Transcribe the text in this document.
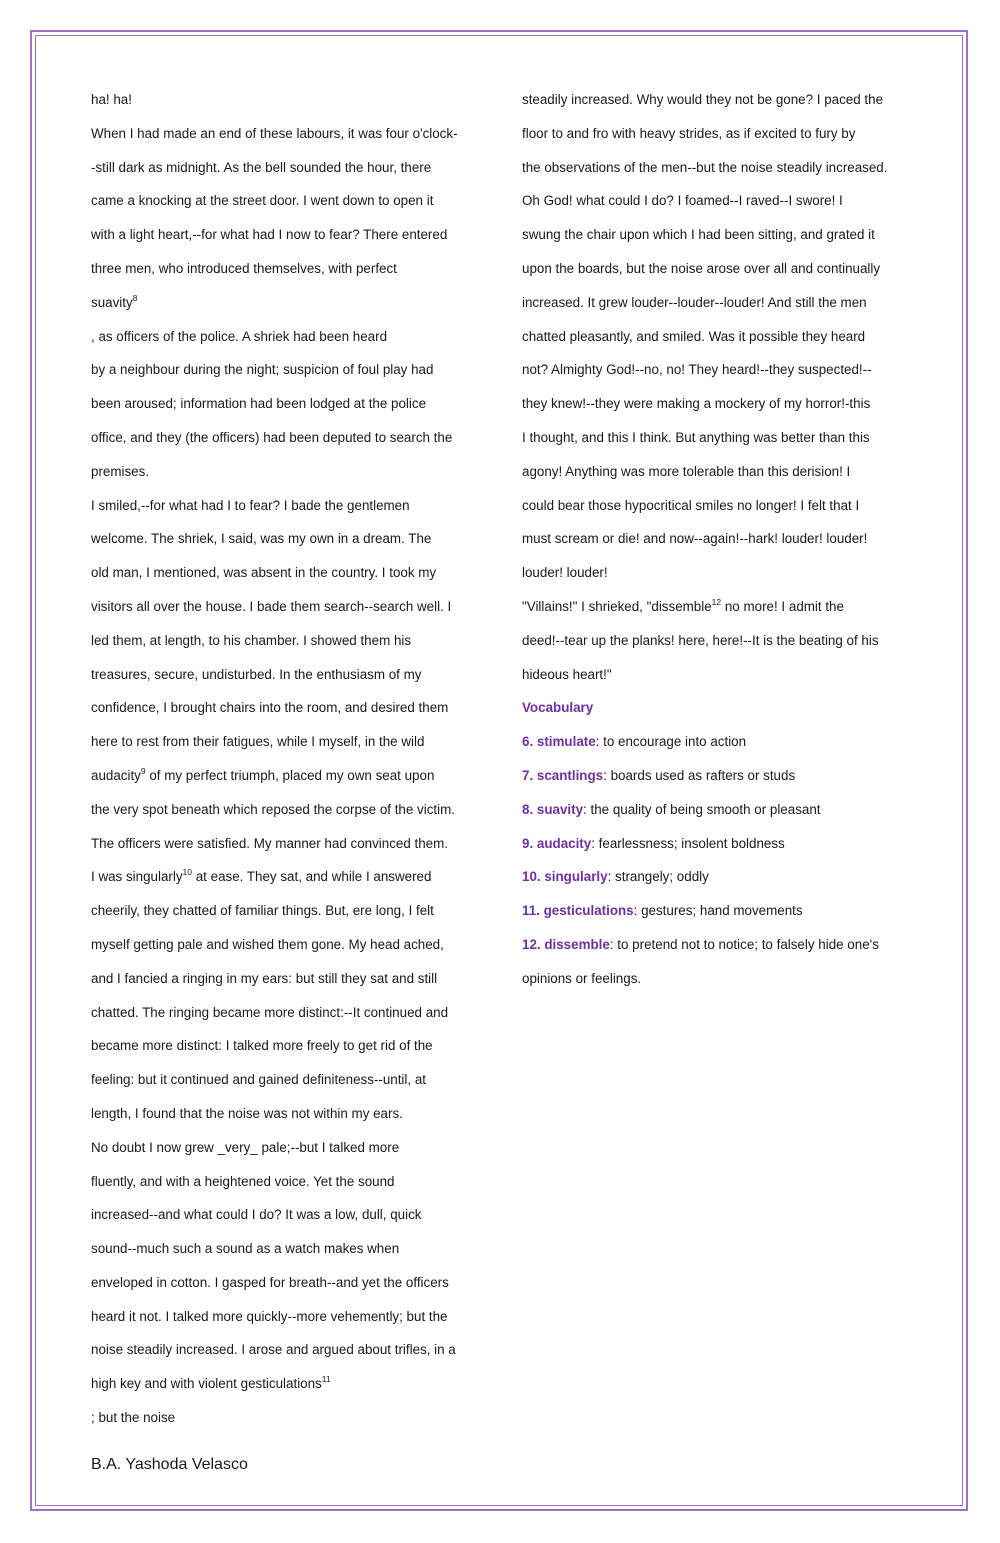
ha! ha!
When I had made an end of these labours, it was four o'clock-
-still dark as midnight. As the bell sounded the hour, there
came a knocking at the street door. I went down to open it
with a light heart,--for what had I now to fear? There entered
three men, who introduced themselves, with perfect
suavity$^8$
, as officers of the police. A shriek had been heard
by a neighbour during the night; suspicion of foul play had
been aroused; information had been lodged at the police
office, and they (the officers) had been deputed to search the
premises.
I smiled,--for what had I to fear? I bade the gentlemen
welcome. The shriek, I said, was my own in a dream. The
old man, I mentioned, was absent in the country. I took my
visitors all over the house. I bade them search--search well. I
led them, at length, to his chamber. I showed them his
treasures, secure, undisturbed. In the enthusiasm of my
confidence, I brought chairs into the room, and desired them
here to rest from their fatigues, while I myself, in the wild
audacity$^9$ of my perfect triumph, placed my own seat upon
the very spot beneath which reposed the corpse of the victim.
The officers were satisfied. My manner had convinced them.
I was singularly$^{10}$ at ease. They sat, and while I answered
cheerily, they chatted of familiar things. But, ere long, I felt
myself getting pale and wished them gone. My head ached,
and I fancied a ringing in my ears: but still they sat and still
chatted. The ringing became more distinct:--It continued and
became more distinct: I talked more freely to get rid of the
feeling: but it continued and gained definiteness--until, at
length, I found that the noise was not within my ears.
No doubt I now grew _very_ pale;--but I talked more
fluently, and with a heightened voice. Yet the sound
increased--and what could I do? It was a low, dull, quick
sound--much such a sound as a watch makes when
enveloped in cotton. I gasped for breath--and yet the officers
heard it not. I talked more quickly--more vehemently; but the
noise steadily increased. I arose and argued about trifles, in a
high key and with violent gesticulations$^{11}$
; but the noise
steadily increased. Why would they not be gone? I paced the
floor to and fro with heavy strides, as if excited to fury by
the observations of the men--but the noise steadily increased.
Oh God! what could I do? I foamed--I raved--I swore! I
swung the chair upon which I had been sitting, and grated it
upon the boards, but the noise arose over all and continually
increased. It grew louder--louder--louder! And still the men
chatted pleasantly, and smiled. Was it possible they heard
not? Almighty God!--no, no! They heard!--they suspected!--
they knew!--they were making a mockery of my horror!-this
I thought, and this I think. But anything was better than this
agony! Anything was more tolerable than this derision! I
could bear those hypocritical smiles no longer! I felt that I
must scream or die! and now--again!--hark! louder! louder!
louder! louder!
"Villains!" I shrieked, "dissemble$^{12}$ no more! I admit the
deed!--tear up the planks! here, here!--It is the beating of his
hideous heart!"
Vocabulary
6. stimulate: to encourage into action
7. scantlings: boards used as rafters or studs
8. suavity: the quality of being smooth or pleasant
9. audacity: fearlessness; insolent boldness
10. singularly: strangely; oddly
11. gesticulations: gestures; hand movements
12. dissemble: to pretend not to notice; to falsely hide one's
opinions or feelings.
B.A. Yashoda Velasco
